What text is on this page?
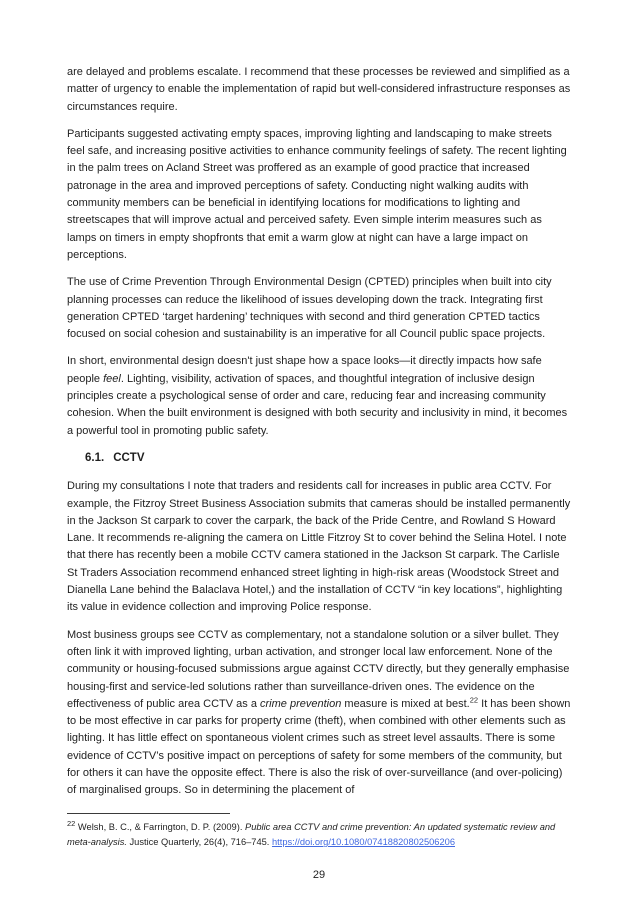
are delayed and problems escalate. I recommend that these processes be reviewed and simplified as a matter of urgency to enable the implementation of rapid but well-considered infrastructure responses as circumstances require.

Participants suggested activating empty spaces, improving lighting and landscaping to make streets feel safe, and increasing positive activities to enhance community feelings of safety. The recent lighting in the palm trees on Acland Street was proffered as an example of good practice that increased patronage in the area and improved perceptions of safety. Conducting night walking audits with community members can be beneficial in identifying locations for modifications to lighting and streetscapes that will improve actual and perceived safety. Even simple interim measures such as lamps on timers in empty shopfronts that emit a warm glow at night can have a large impact on perceptions.

The use of Crime Prevention Through Environmental Design (CPTED) principles when built into city planning processes can reduce the likelihood of issues developing down the track. Integrating first generation CPTED ‘target hardening’ techniques with second and third generation CPTED tactics focused on social cohesion and sustainability is an imperative for all Council public space projects.

In short, environmental design doesn't just shape how a space looks—it directly impacts how safe people feel. Lighting, visibility, activation of spaces, and thoughtful integration of inclusive design principles create a psychological sense of order and care, reducing fear and increasing community cohesion. When the built environment is designed with both security and inclusivity in mind, it becomes a powerful tool in promoting public safety.

6.1. CCTV

During my consultations I note that traders and residents call for increases in public area CCTV. For example, the Fitzroy Street Business Association submits that cameras should be installed permanently in the Jackson St carpark to cover the carpark, the back of the Pride Centre, and Rowland S Howard Lane. It recommends re-aligning the camera on Little Fitzroy St to cover behind the Selina Hotel. I note that there has recently been a mobile CCTV camera stationed in the Jackson St carpark. The Carlisle St Traders Association recommend enhanced street lighting in high-risk areas (Woodstock Street and Dianella Lane behind the Balaclava Hotel,) and the installation of CCTV “in key locations”, highlighting its value in evidence collection and improving Police response.

Most business groups see CCTV as complementary, not a standalone solution or a silver bullet. They often link it with improved lighting, urban activation, and stronger local law enforcement. None of the community or housing-focused submissions argue against CCTV directly, but they generally emphasise housing-first and service-led solutions rather than surveillance-driven ones. The evidence on the effectiveness of public area CCTV as a crime prevention measure is mixed at best.$^{22}$ It has been shown to be most effective in car parks for property crime (theft), when combined with other elements such as lighting. It has little effect on spontaneous violent crimes such as street level assaults. There is some evidence of CCTV’s positive impact on perceptions of safety for some members of the community, but for others it can have the opposite effect. There is also the risk of over-surveillance (and over-policing) of marginalised groups. So in determining the placement of

$^{22}$ Welsh, B. C., & Farrington, D. P. (2009). Public area CCTV and crime prevention: An updated systematic review and meta-analysis. Justice Quarterly, 26(4), 716–745. https://doi.org/10.1080/07418820802506206
29
